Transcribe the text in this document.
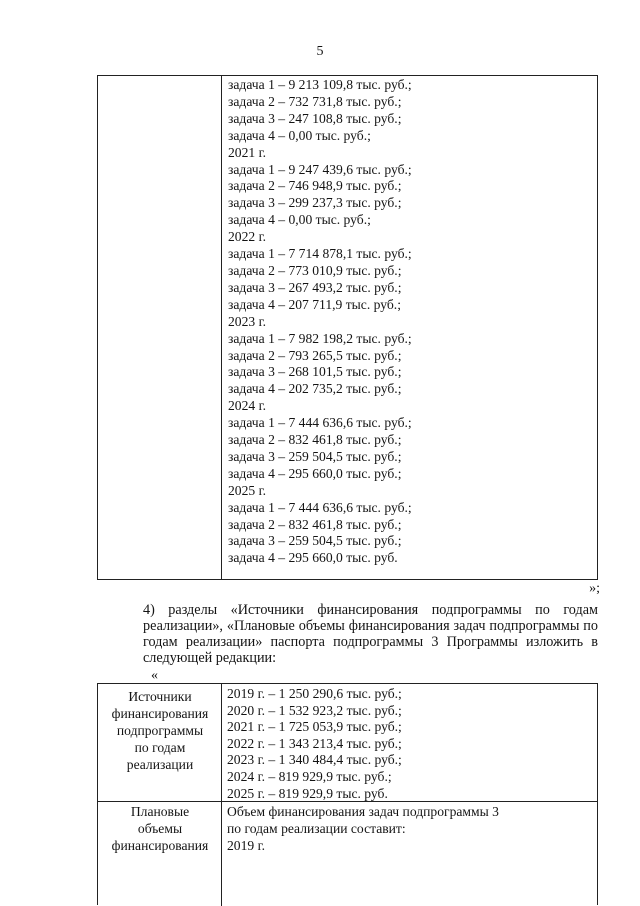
5
задача 1 – 9 213 109,8 тыс. руб.;
задача 2 – 732 731,8 тыс. руб.;
задача 3 – 247 108,8 тыс. руб.;
задача 4 – 0,00 тыс. руб.;
2021 г.
задача 1 – 9 247 439,6 тыс. руб.;
задача 2 – 746 948,9 тыс. руб.;
задача 3 – 299 237,3 тыс. руб.;
задача 4 – 0,00 тыс. руб.;
2022 г.
задача 1 – 7 714 878,1 тыс. руб.;
задача 2 – 773 010,9 тыс. руб.;
задача 3 – 267 493,2 тыс. руб.;
задача 4 – 207 711,9 тыс. руб.;
2023 г.
задача 1 – 7 982 198,2 тыс. руб.;
задача 2 – 793 265,5 тыс. руб.;
задача 3 – 268 101,5 тыс. руб.;
задача 4 – 202 735,2 тыс. руб.;
2024 г.
задача 1 – 7 444 636,6 тыс. руб.;
задача 2 – 832 461,8 тыс. руб.;
задача 3 – 259 504,5 тыс. руб.;
задача 4 – 295 660,0 тыс. руб.;
2025 г.
задача 1 – 7 444 636,6 тыс. руб.;
задача 2 – 832 461,8 тыс. руб.;
задача 3 – 259 504,5 тыс. руб.;
задача 4 – 295 660,0 тыс. руб.
»;
4) разделы «Источники финансирования подпрограммы по годам реализации», «Плановые объемы финансирования задач подпрограммы по годам реализации» паспорта подпрограммы 3 Программы изложить в следующей редакции:
«
Источники
финансирования
подпрограммы
по годам
реализации
2019 г. – 1 250 290,6 тыс. руб.;
2020 г. – 1 532 923,2 тыс. руб.;
2021 г. – 1 725 053,9 тыс. руб.;
2022 г. – 1 343 213,4 тыс. руб.;
2023 г. – 1 340 484,4 тыс. руб.;
2024 г. – 819 929,9 тыс. руб.;
2025 г. – 819 929,9 тыс. руб.
Плановые
объемы
финансирования
Объем финансирования задач подпрограммы 3
по годам реализации составит:
2019 г.
